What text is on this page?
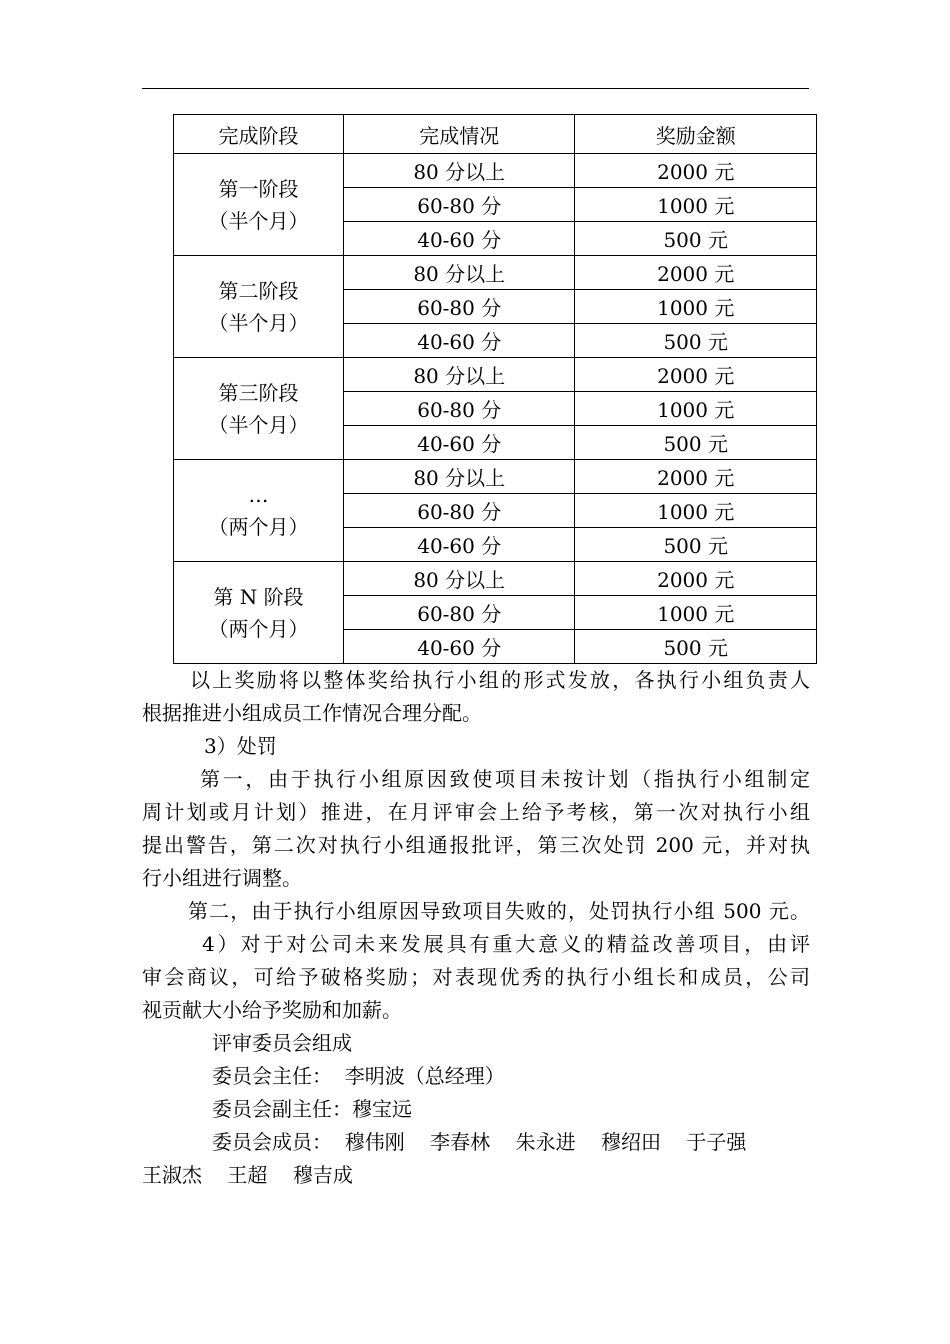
完成阶段	完成情况	奖励金额

第一阶段
（半个月）	80 分以上	2000 元
	60-80 分	1000 元
	40-60 分	500 元

第二阶段
（半个月）	80 分以上	2000 元
	60-80 分	1000 元
	40-60 分	500 元

第三阶段
（半个月）	80 分以上	2000 元
	60-80 分	1000 元
	40-60 分	500 元

…
（两个月）	80 分以上	2000 元
	60-80 分	1000 元
	40-60 分	500 元

第 N 阶段
（两个月）	80 分以上	2000 元
	60-80 分	1000 元
	40-60 分	500 元

以上奖励将以整体奖给执行小组的形式发放，各执行小组负责人

根据推进小组成员工作情况合理分配。

3）处罚

第一，由于执行小组原因致使项目未按计划（指执行小组制定

周计划或月计划）推进，在月评审会上给予考核，第一次对执行小组

提出警告，第二次对执行小组通报批评，第三次处罚 200 元，并对执

行小组进行调整。

第二，由于执行小组原因导致项目失败的，处罚执行小组 500 元。

4）对于对公司未来发展具有重大意义的精益改善项目，由评

审会商议，可给予破格奖励；对表现优秀的执行小组长和成员，公司

视贡献大小给予奖励和加薪。

评审委员会组成

委员会主任：  李明波（总经理）

委员会副主任：穆宝远

委员会成员：  穆伟刚    李春林    朱永进    穆绍田    于子强

王淑杰    王超    穆吉成
